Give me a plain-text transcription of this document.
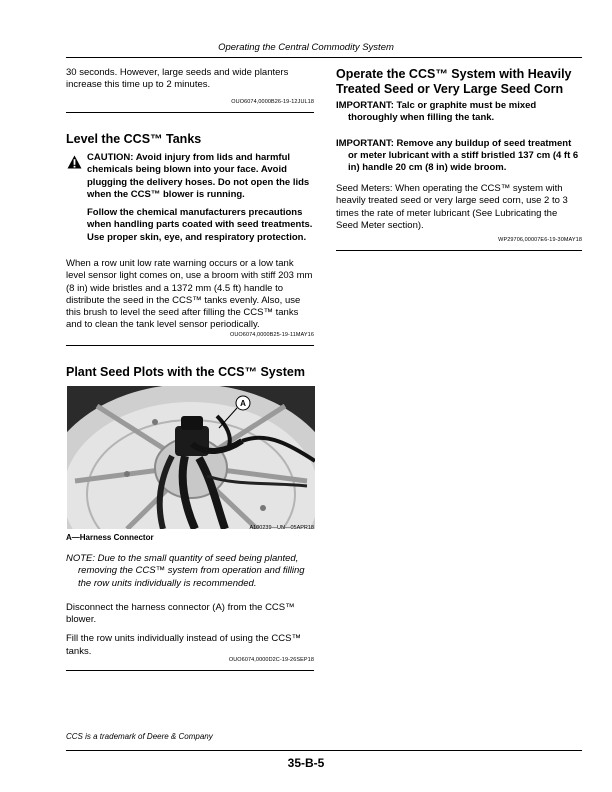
Operating the Central Commodity System

30 seconds. However, large seeds and wide planters increase this time up to 2 minutes.

OUO6074,0000B26-19-12JUL18
Level the CCS™ Tanks

CAUTION: Avoid injury from lids and harmful chemicals being blown into your face. Avoid plugging the delivery hoses. Do not open the lids when the CCS™ blower is running.

Follow the chemical manufacturers precautions when handling parts coated with seed treatments. Use proper skin, eye, and respiratory protection.

When a row unit low rate warning occurs or a low tank level sensor light comes on, use a broom with stiff 203 mm (8 in) wide bristles and a 1372 mm (4.5 ft) handle to distribute the seed in the CCS™ tanks evenly. Also, use this brush to level the seed after filling the CCS™ tanks and to clean the tank level sensor periodically.

OUO6074,0000B25-19-11MAY16
Plant Seed Plots with the CCS™ System
A
A100239—UN—05APR18
A—Harness Connector

NOTE: Due to the small quantity of seed being planted, removing the CCS™ system from operation and filling the row units individually is recommended.

Disconnect the harness connector (A) from the CCS™ blower.

Fill the row units individually instead of using the CCS™ tanks.

OUO6074,0000D2C-19-26SEP18
Operate the CCS™ System with Heavily Treated Seed or Very Large Seed Corn

IMPORTANT: Talc or graphite must be mixed thoroughly when filling the tank.

IMPORTANT: Remove any buildup of seed treatment or meter lubricant with a stiff bristled 137 cm (4 ft 6 in) handle 20 cm (8 in) wide broom.

Seed Meters: When operating the CCS™ system with heavily treated seed or very large seed corn, use 2 to 3 times the rate of meter lubricant (See Lubricating the Seed Meter section).

WP29706,00007E6-19-30MAY18
CCS is a trademark of Deere & Company
35-B-5
